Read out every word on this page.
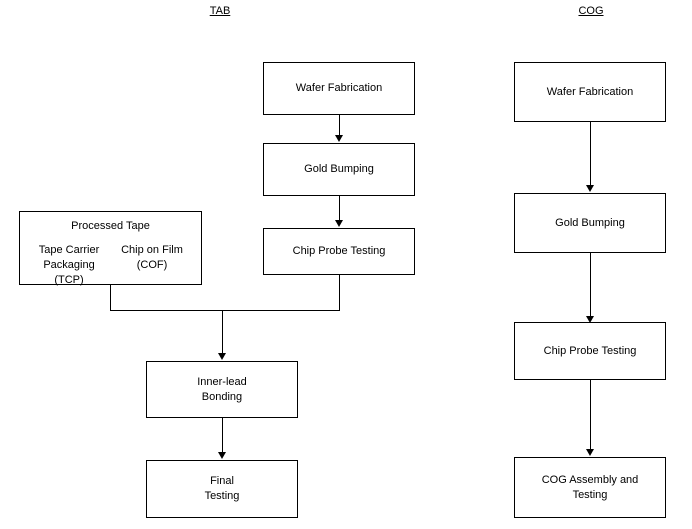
TAB	COG
Wafer Fabrication
Gold Bumping
Chip Probe Testing
Processed Tape
Tape Carrier Packaging (TCP)
Chip on Film (COF)
Inner-lead
Bonding
Final
Testing
Wafer Fabrication
Gold Bumping
Chip Probe Testing
COG Assembly and
Testing
